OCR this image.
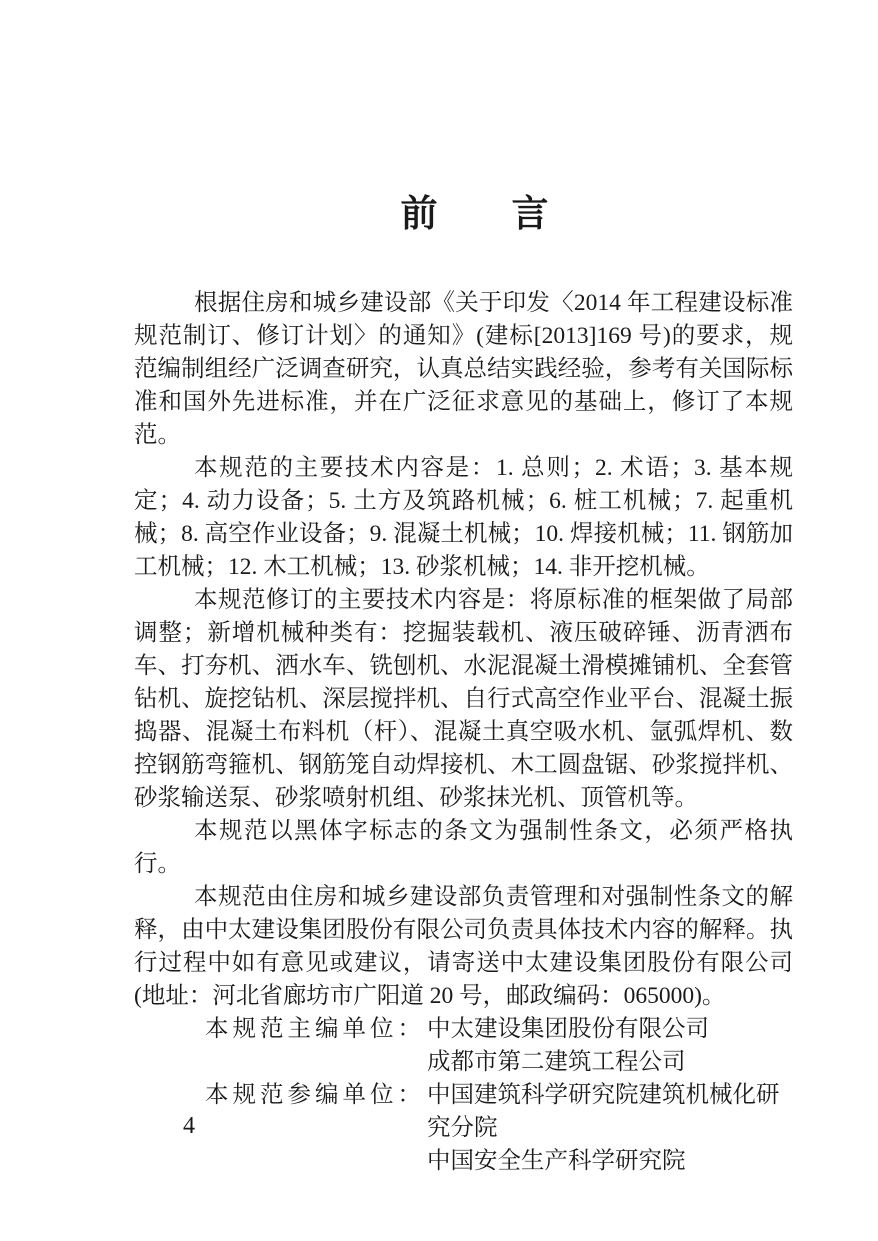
前　　言

根据住房和城乡建设部《关于印发〈2014 年工程建设标准规范制订、修订计划〉的通知》(建标[2013]169 号)的要求，规范编制组经广泛调查研究，认真总结实践经验，参考有关国际标准和国外先进标准，并在广泛征求意见的基础上，修订了本规范。

本规范的主要技术内容是：1. 总则；2. 术语；3. 基本规定；4. 动力设备；5. 土方及筑路机械；6. 桩工机械；7. 起重机械；8. 高空作业设备；9. 混凝土机械；10. 焊接机械；11. 钢筋加工机械；12. 木工机械；13. 砂浆机械；14. 非开挖机械。

本规范修订的主要技术内容是：将原标准的框架做了局部调整；新增机械种类有：挖掘装载机、液压破碎锤、沥青洒布车、打夯机、洒水车、铣刨机、水泥混凝土滑模摊铺机、全套管钻机、旋挖钻机、深层搅拌机、自行式高空作业平台、混凝土振捣器、混凝土布料机（杆）、混凝土真空吸水机、氩弧焊机、数控钢筋弯箍机、钢筋笼自动焊接机、木工圆盘锯、砂浆搅拌机、砂浆输送泵、砂浆喷射机组、砂浆抹光机、顶管机等。

本规范以黑体字标志的条文为强制性条文，必须严格执行。

本规范由住房和城乡建设部负责管理和对强制性条文的解释，由中太建设集团股份有限公司负责具体技术内容的解释。执行过程中如有意见或建议，请寄送中太建设集团股份有限公司(地址：河北省廊坊市广阳道 20 号，邮政编码：065000)。

本规范主编单位： 中太建设集团股份有限公司
成都市第二建筑工程公司
本规范参编单位： 中国建筑科学研究院建筑机械化研究分院
中国安全生产科学研究院
4
